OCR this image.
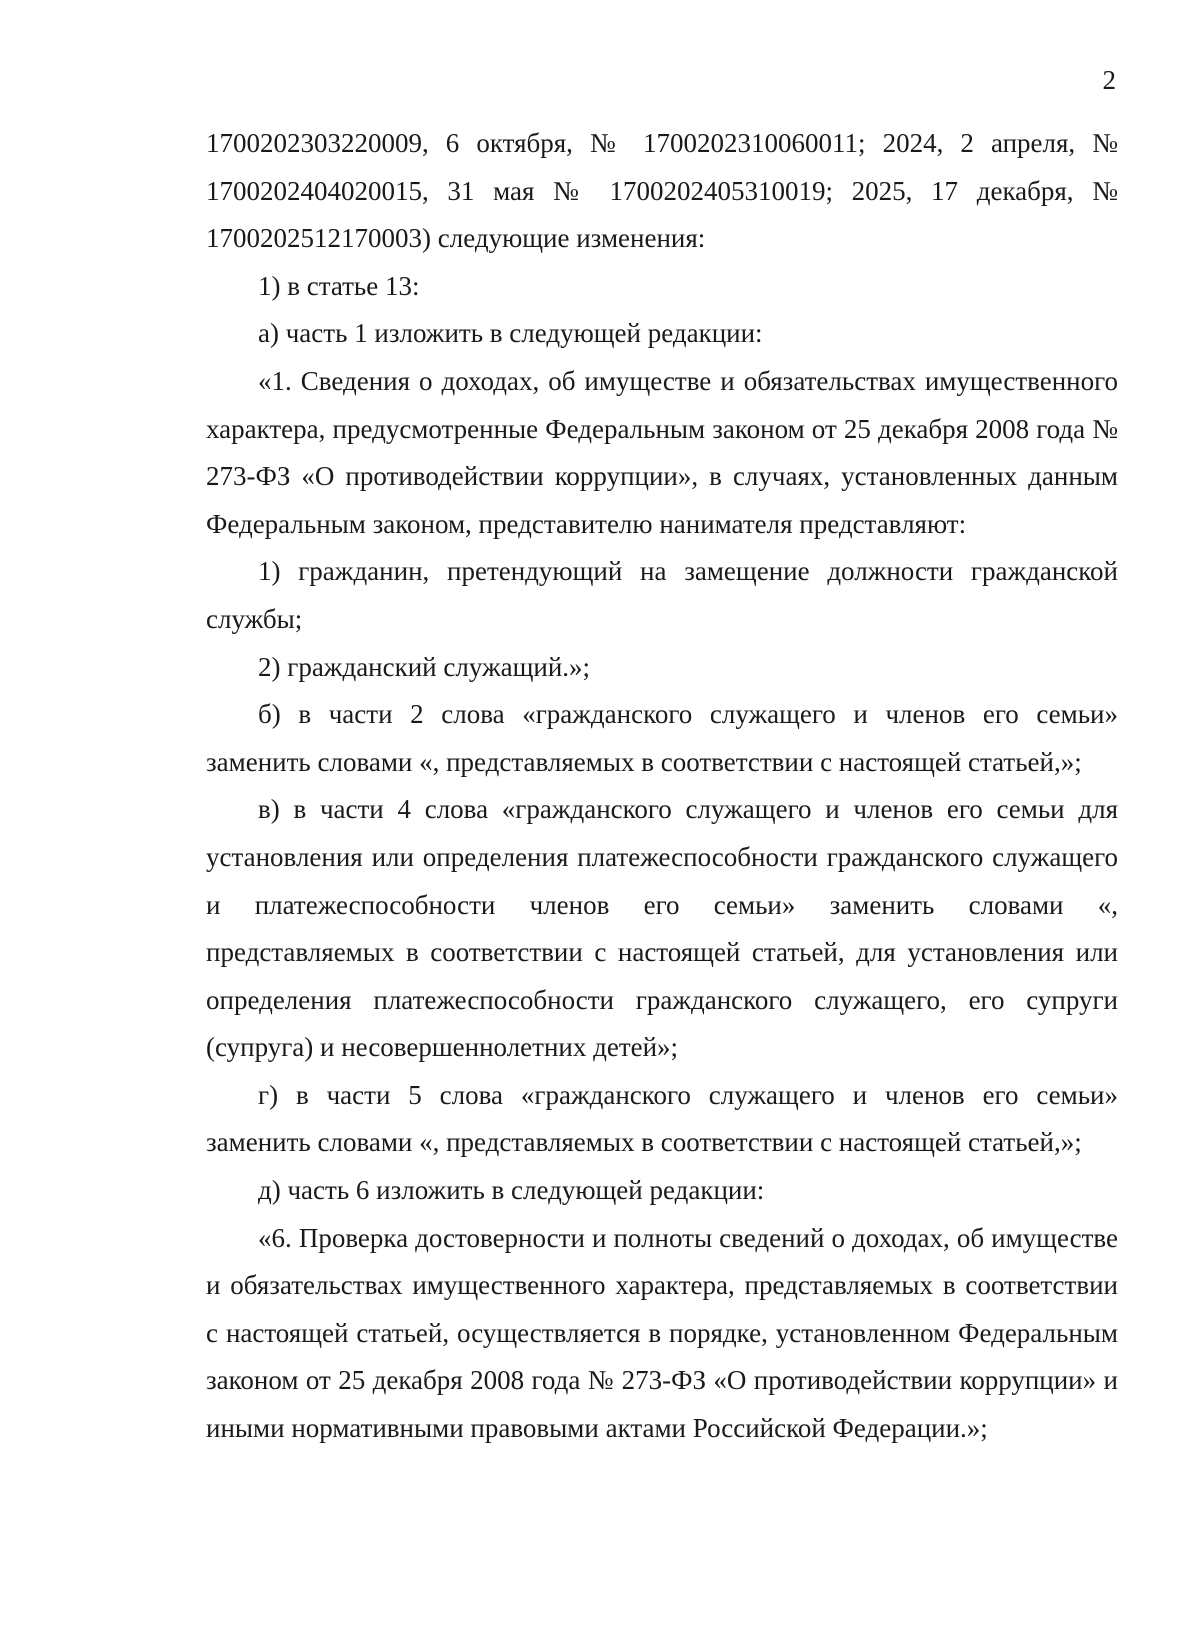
2

1700202303220009, 6 октября, № 1700202310060011; 2024, 2 апреля, № 1700202404020015, 31 мая № 1700202405310019; 2025, 17 декабря, № 1700202512170003) следующие изменения:

1) в статье 13:

а) часть 1 изложить в следующей редакции:

«1. Сведения о доходах, об имуществе и обязательствах имущественного характера, предусмотренные Федеральным законом от 25 декабря 2008 года № 273-ФЗ «О противодействии коррупции», в случаях, установленных данным Федеральным законом, представителю нанимателя представляют:

1) гражданин, претендующий на замещение должности гражданской службы;

2) гражданский служащий.»;

б) в части 2 слова «гражданского служащего и членов его семьи» заменить словами «, представляемых в соответствии с настоящей статьей,»;

в) в части 4 слова «гражданского служащего и членов его семьи для установления или определения платежеспособности гражданского служащего и платежеспособности членов его семьи» заменить словами «, представляемых в соответствии с настоящей статьей, для установления или определения платежеспособности гражданского служащего, его супруги (супруга) и несовершеннолетних детей»;

г) в части 5 слова «гражданского служащего и членов его семьи» заменить словами «, представляемых в соответствии с настоящей статьей,»;

д) часть 6 изложить в следующей редакции:

«6. Проверка достоверности и полноты сведений о доходах, об имуществе и обязательствах имущественного характера, представляемых в соответствии с настоящей статьей, осуществляется в порядке, установленном Федеральным законом от 25 декабря 2008 года № 273-ФЗ «О противодействии коррупции» и иными нормативными правовыми актами Российской Федерации.»;
